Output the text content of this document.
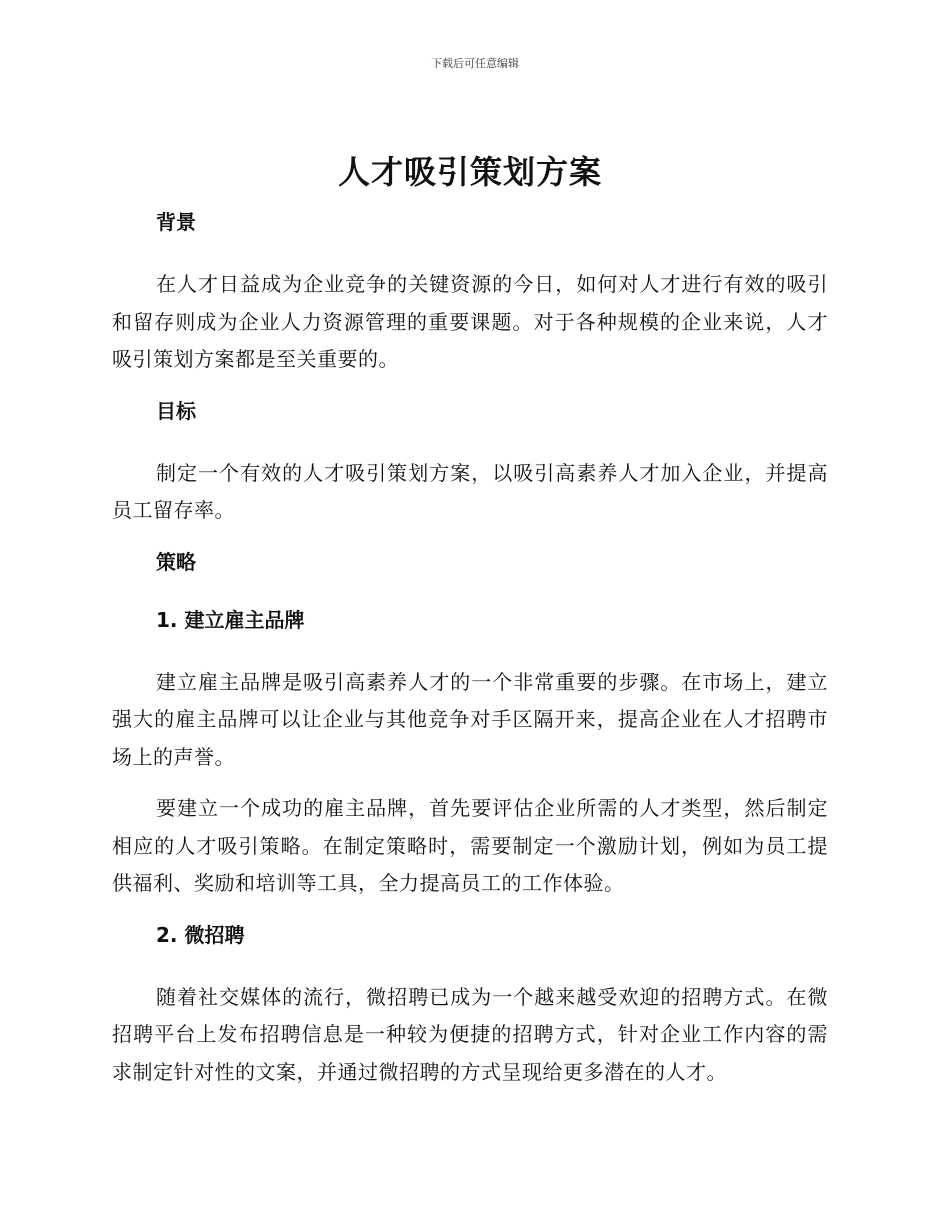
下载后可任意编辑
人才吸引策划方案
背景

在人才日益成为企业竞争的关键资源的今日，如何对人才进行有效的吸引和留存则成为企业人力资源管理的重要课题。对于各种规模的企业来说，人才吸引策划方案都是至关重要的。

目标

制定一个有效的人才吸引策划方案，以吸引高素养人才加入企业，并提高员工留存率。

策略
1. 建立雇主品牌

建立雇主品牌是吸引高素养人才的一个非常重要的步骤。在市场上，建立强大的雇主品牌可以让企业与其他竞争对手区隔开来，提高企业在人才招聘市场上的声誉。

要建立一个成功的雇主品牌，首先要评估企业所需的人才类型，然后制定相应的人才吸引策略。在制定策略时，需要制定一个激励计划，例如为员工提供福利、奖励和培训等工具，全力提高员工的工作体验。

2. 微招聘

随着社交媒体的流行，微招聘已成为一个越来越受欢迎的招聘方式。在微招聘平台上发布招聘信息是一种较为便捷的招聘方式，针对企业工作内容的需求制定针对性的文案，并通过微招聘的方式呈现给更多潜在的人才。
